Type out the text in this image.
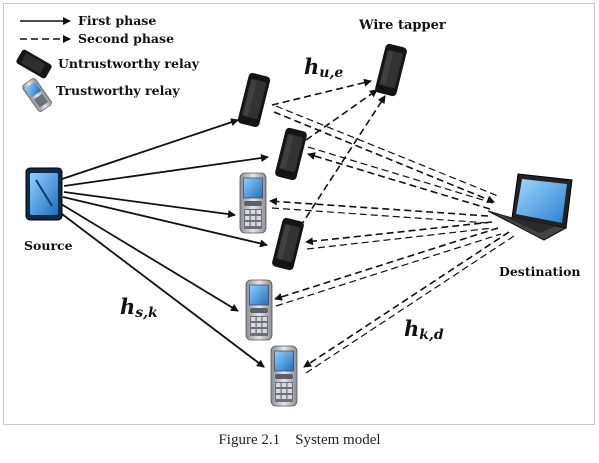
First phase
Second phase
Untrustworthy relay
Trustworthy relay
Source
Wire tapper
Destination
hu,e
hs,k
hk,d
Figure 2.1 System model
